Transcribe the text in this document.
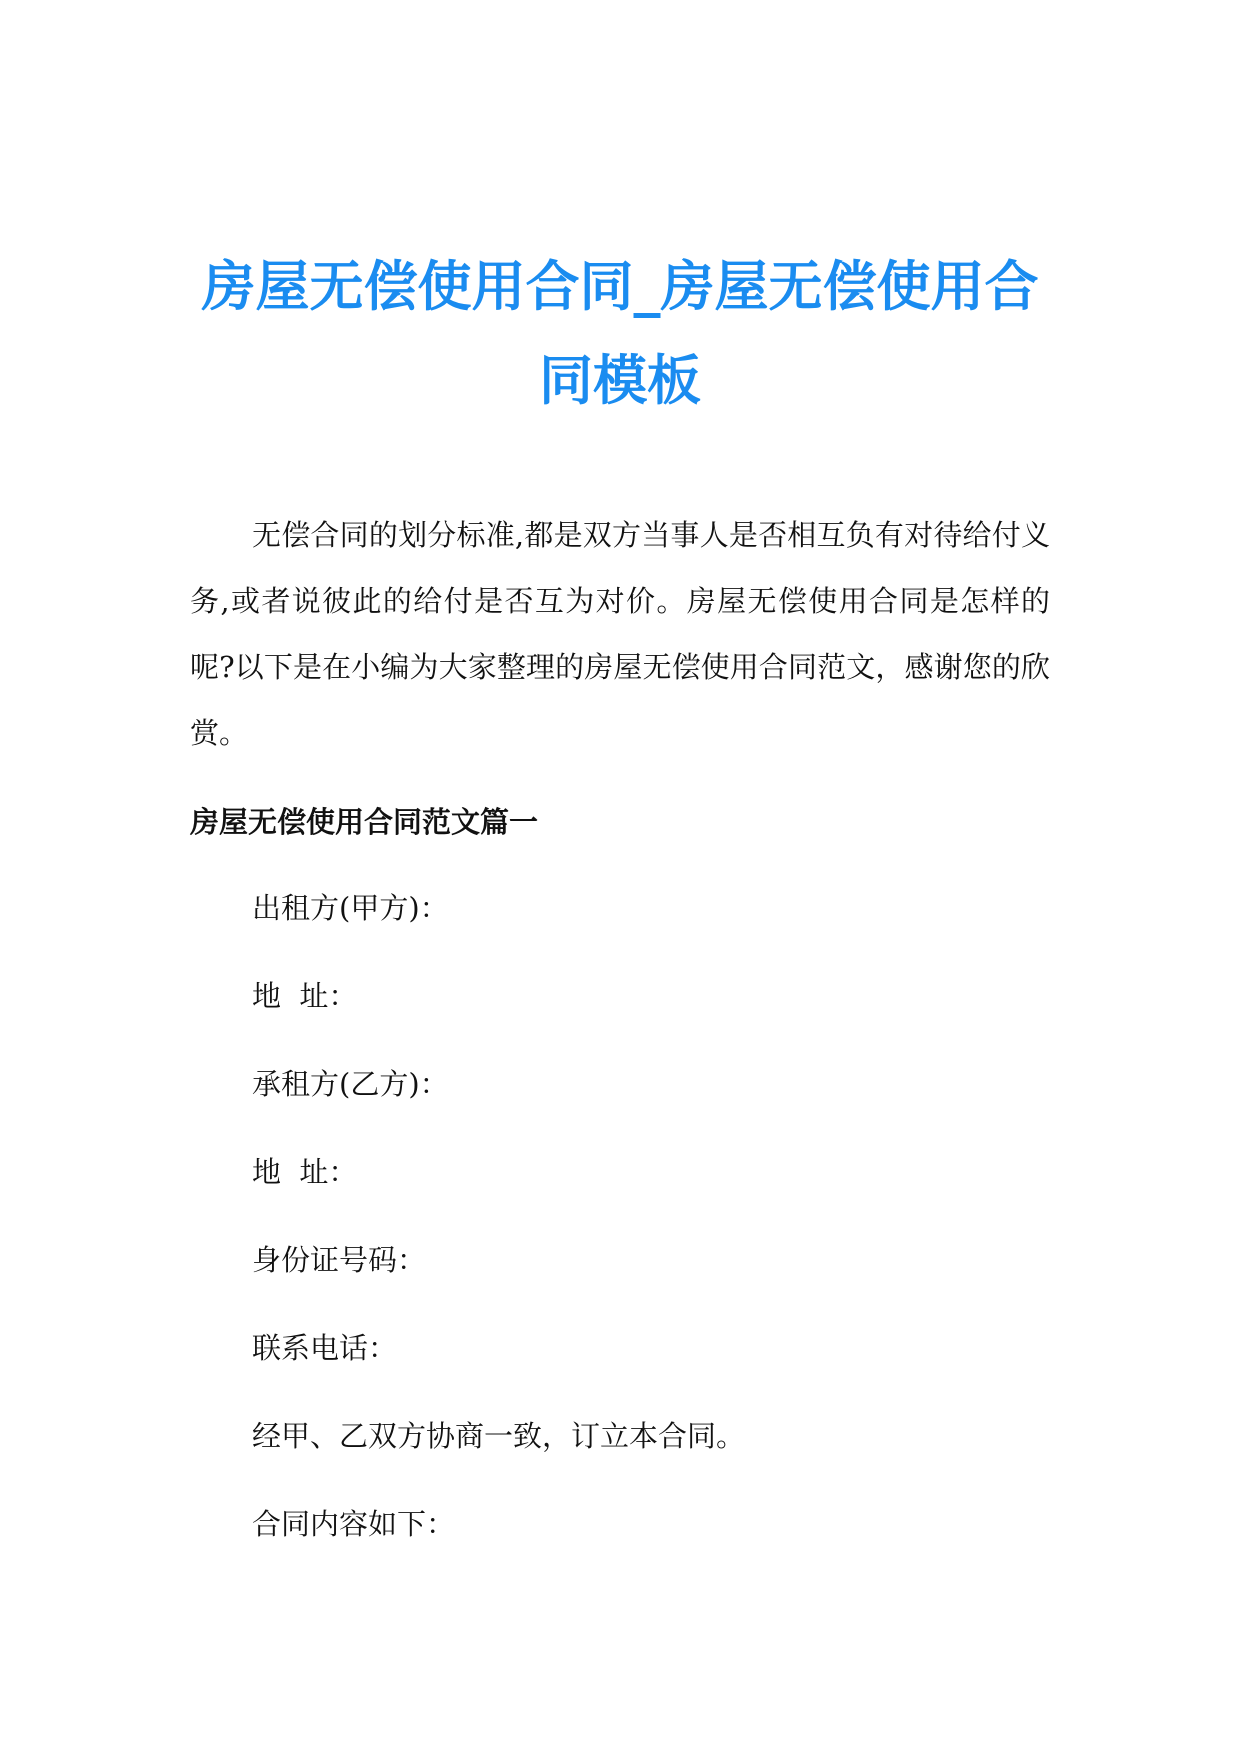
房屋无偿使用合同_房屋无偿使用合同模板

无偿合同的划分标准,都是双方当事人是否相互负有对待给付义务,或者说彼此的给付是否互为对价。房屋无偿使用合同是怎样的呢?以下是在小编为大家整理的房屋无偿使用合同范文，感谢您的欣赏。

房屋无偿使用合同范文篇一
出租方(甲方)：
地  址：
承租方(乙方)：
地  址：
身份证号码：
联系电话：
经甲、乙双方协商一致，订立本合同。
合同内容如下：
